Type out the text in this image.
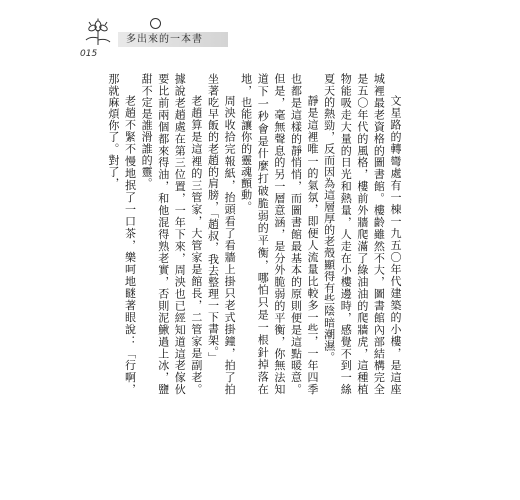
多出來的一本書
015

文星路的轉彎處有一棟一九五〇年代建築的小樓，是這座城裡最老資格的圖書館。樓齡雖然不大，圖書館內部結構完全是五〇年代的風格，樓前外牆爬滿了綠油油的爬牆虎，這種植物能吸走大量的日光和熱量，人走在小樓邊時，感覺不到一絲夏天的熱勁，反而因為這層厚的老殼顯得有些陰暗潮濕。

靜是這裡唯一的氣氛，即便人流量比較多一些，一年四季也都是這樣的靜悄悄，而圖書館最基本的原則便是這點暖意。但是，毫無聲息的另一層意涵，是分外脆弱的平衡，你無法知道下一秒會是什麼打破脆弱的平衡，哪怕只是一根針掉落在地，也能讓你的靈魂顫動。

周泱收拾完報紙，抬頭看了看牆上掛只老式掛鐘，拍了拍坐著吃早飯的老趙的肩膀，「趙叔，我去整理一下書架。」

老趙算是這裡的三管家，大管家是館長，二管家是副老。據說老趙處在第三位置，一年下來，周泱也已經知道這老傢伙要比前兩個都來得油，和他混得熟老實，否則泥鰍過上冰，鹽甜不定是誰滑誰的靈。

老趙不緊不慢地抿了一口茶，樂呵地瞇著眼說：「行啊，那就麻煩你了。對了，
